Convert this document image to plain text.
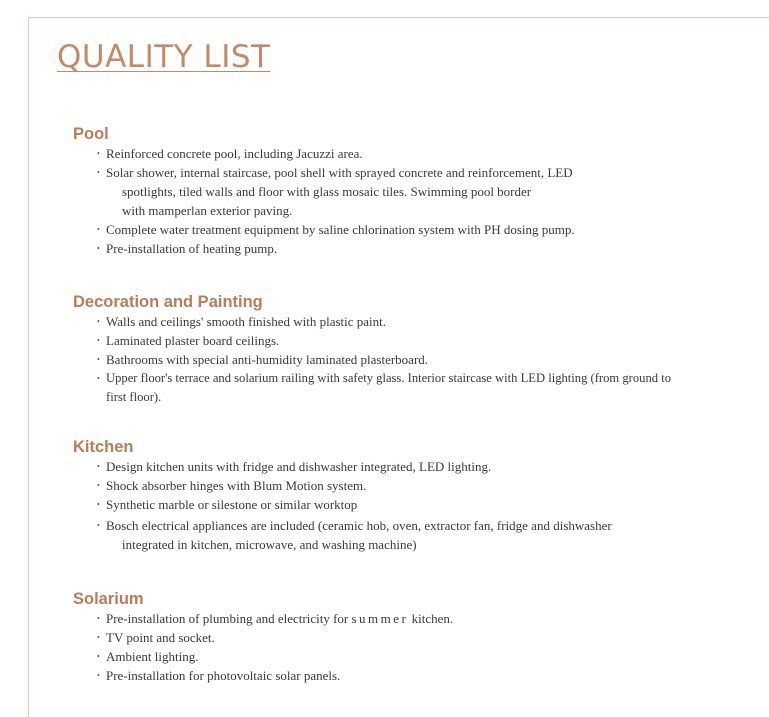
QUALITY LIST
Pool
• Reinforced concrete pool, including Jacuzzi area.
• Solar shower, internal staircase, pool shell with sprayed concrete and reinforcement, LED
spotlights, tiled walls and floor with glass mosaic tiles. Swimming pool border
with mamperlan exterior paving.
• Complete water treatment equipment by saline chlorination system with PH dosing pump.
• Pre-installation of heating pump.
Decoration and Painting
• Walls and ceilings' smooth finished with plastic paint.
• Laminated plaster board ceilings.
• Bathrooms with special anti-humidity laminated plasterboard.
• Upper floor's terrace and solarium railing with safety glass. Interior staircase with LED lighting (from ground to
first floor).
Kitchen
• Design kitchen units with fridge and dishwasher integrated, LED lighting.
• Shock absorber hinges with Blum Motion system.
• Synthetic marble or silestone or similar worktop
• Bosch electrical appliances are included (ceramic hob, oven, extractor fan, fridge and dishwasher
integrated in kitchen, microwave, and washing machine)
Solarium
• Pre-installation of plumbing and electricity for summer kitchen.
• TV point and socket.
• Ambient lighting.
• Pre-installation for photovoltaic solar panels.
